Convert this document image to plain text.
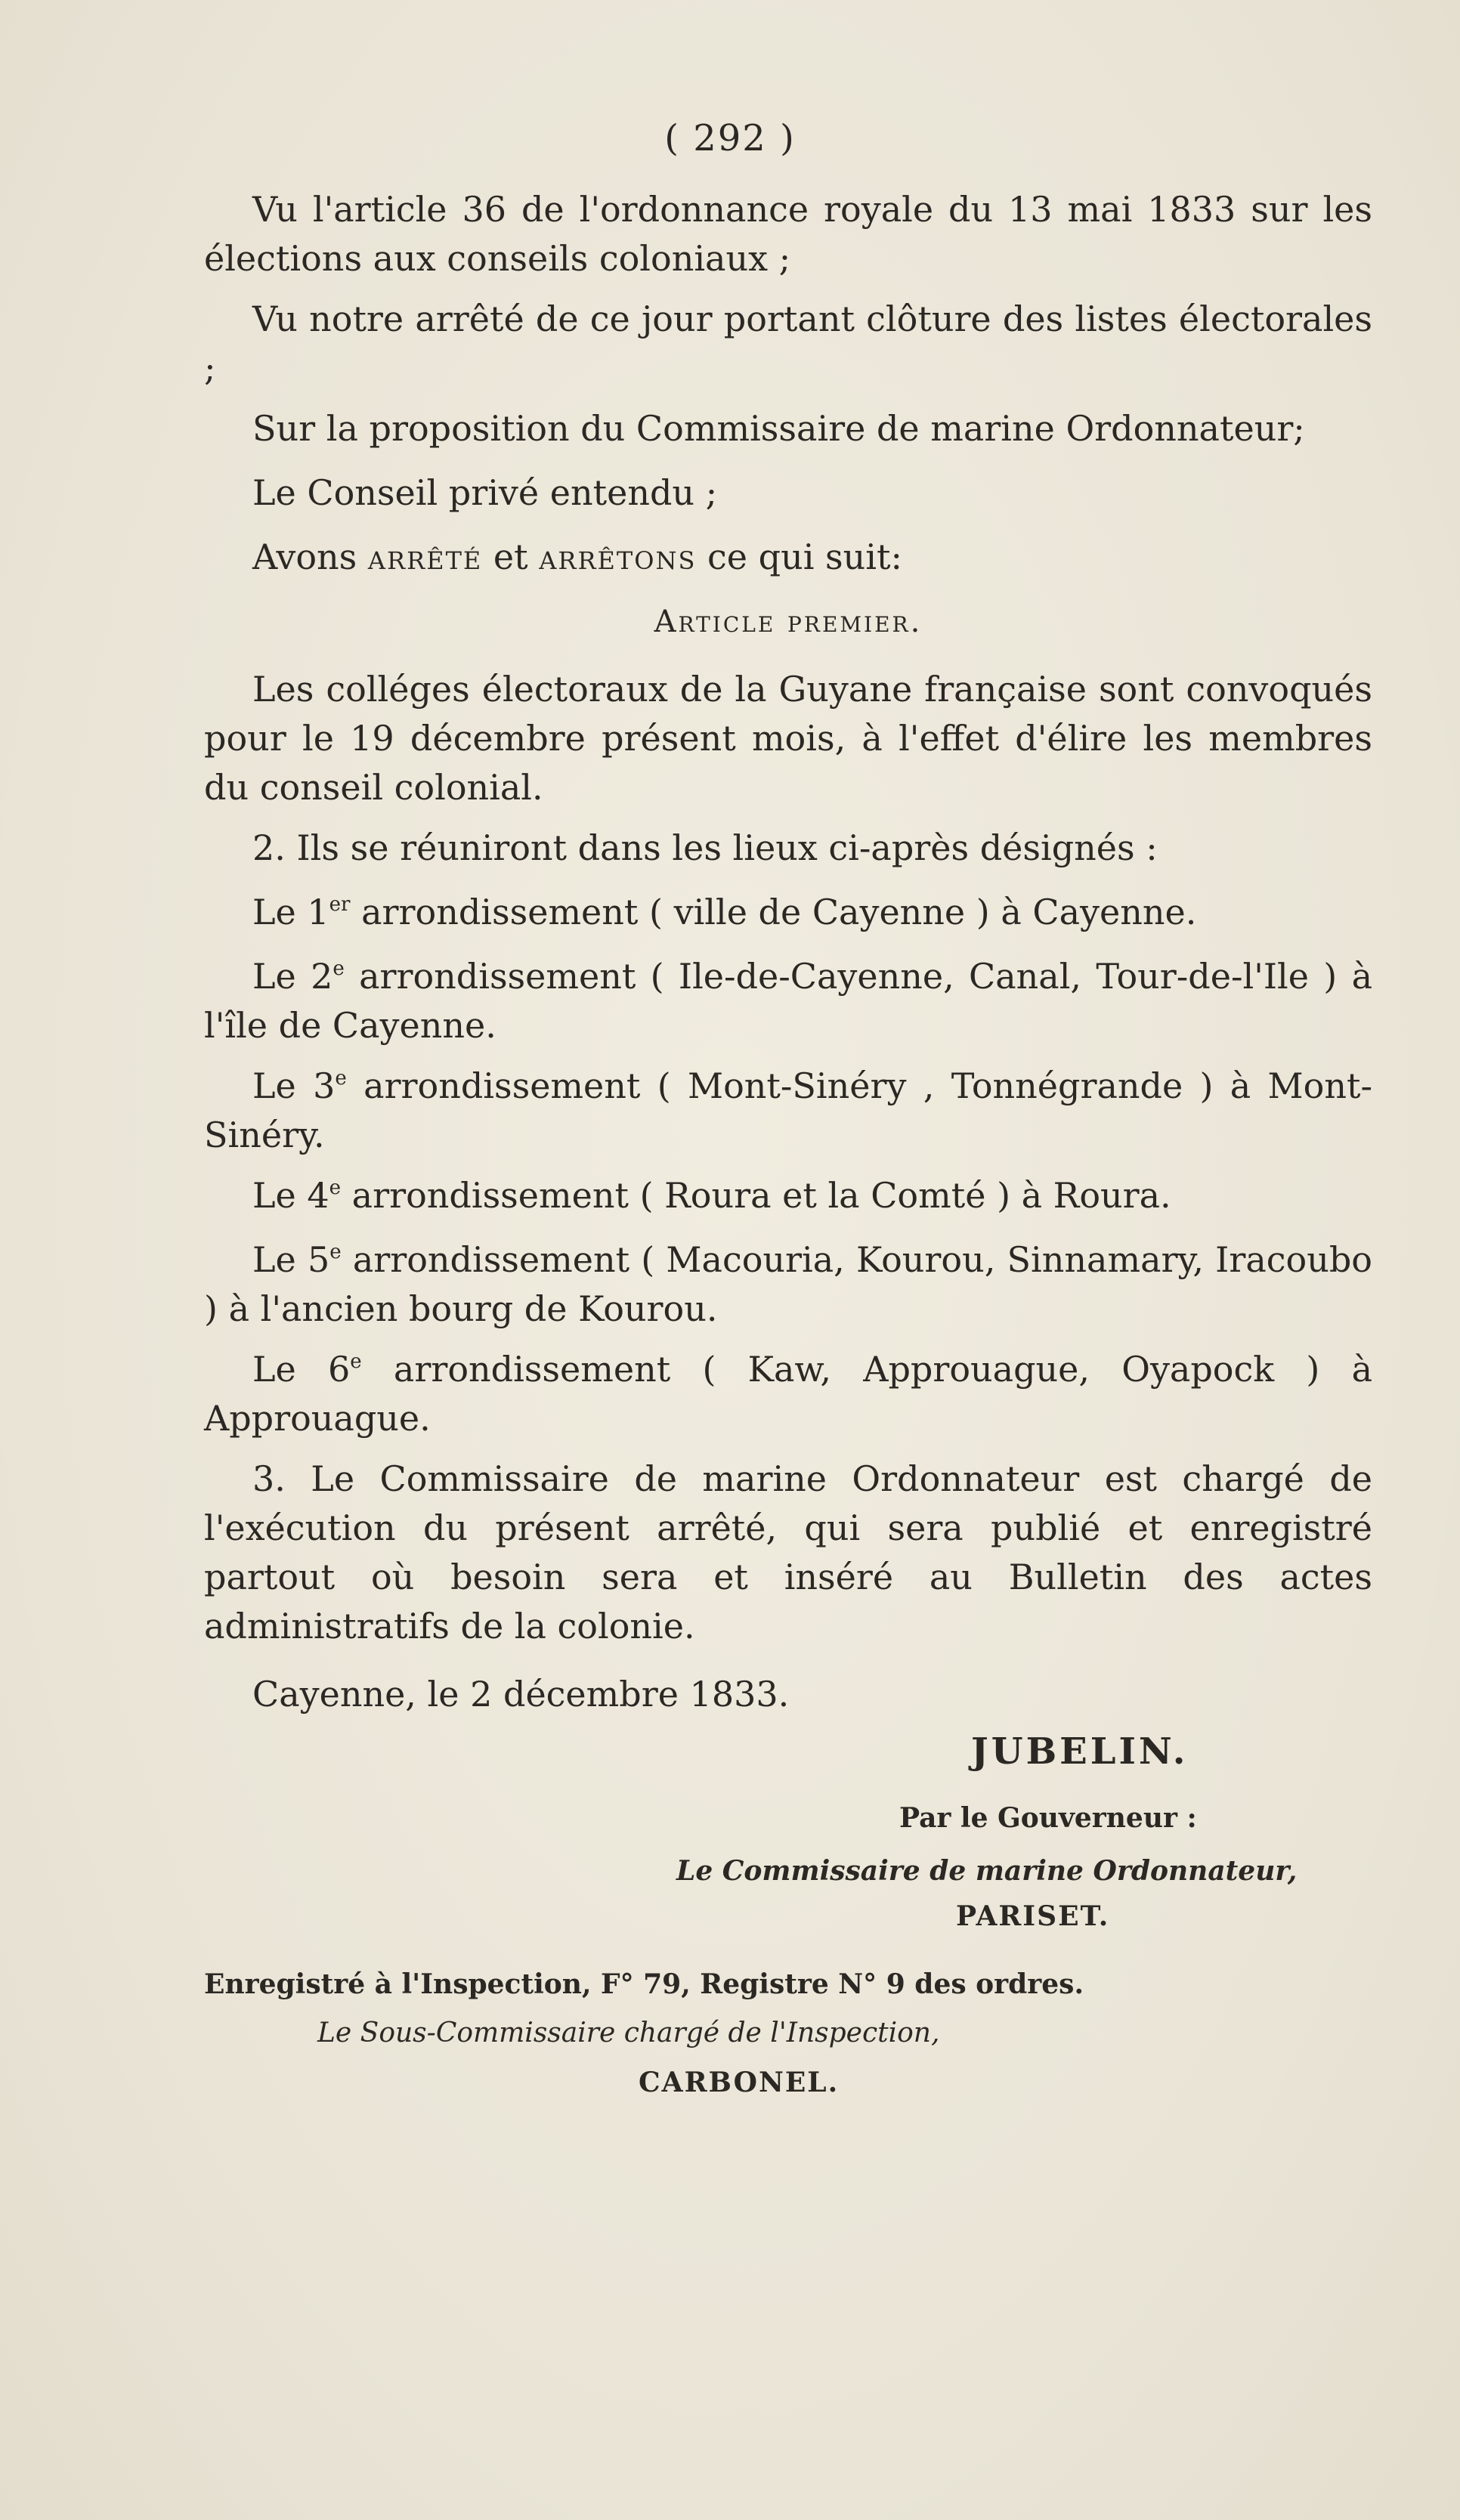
( 292 )

Vu l'article 36 de l'ordonnance royale du 13 mai 1833 sur les élections aux conseils coloniaux ;

Vu notre arrêté de ce jour portant clôture des listes électorales ;

Sur la proposition du Commissaire de marine Ordonnateur;

Le Conseil privé entendu ;

Avons arrêté et arrêtons ce qui suit:

Article premier.

Les colléges électoraux de la Guyane française sont convoqués pour le 19 décembre présent mois, à l'effet d'élire les membres du conseil colonial.

2. Ils se réuniront dans les lieux ci-après désignés :

Le 1er arrondissement ( ville de Cayenne ) à Cayenne.

Le 2e arrondissement ( Ile-de-Cayenne, Canal, Tour-de-l'Ile ) à l'île de Cayenne.

Le 3e arrondissement ( Mont-Sinéry , Tonnégrande ) à Mont-Sinéry.

Le 4e arrondissement ( Roura et la Comté ) à Roura.

Le 5e arrondissement ( Macouria, Kourou, Sinnamary, Iracoubo ) à l'ancien bourg de Kourou.

Le 6e arrondissement ( Kaw, Approuague, Oyapock ) à Approuague.

3. Le Commissaire de marine Ordonnateur est chargé de l'exécution du présent arrêté, qui sera publié et enregistré partout où besoin sera et inséré au Bulletin des actes administratifs de la colonie.

Cayenne, le 2 décembre 1833.

JUBELIN.
Par le Gouverneur :
Le Commissaire de marine Ordonnateur,
PARISET.
Enregistré à l'Inspection, F° 79, Registre N° 9 des ordres.
Le Sous-Commissaire chargé de l'Inspection,
CARBONEL.
